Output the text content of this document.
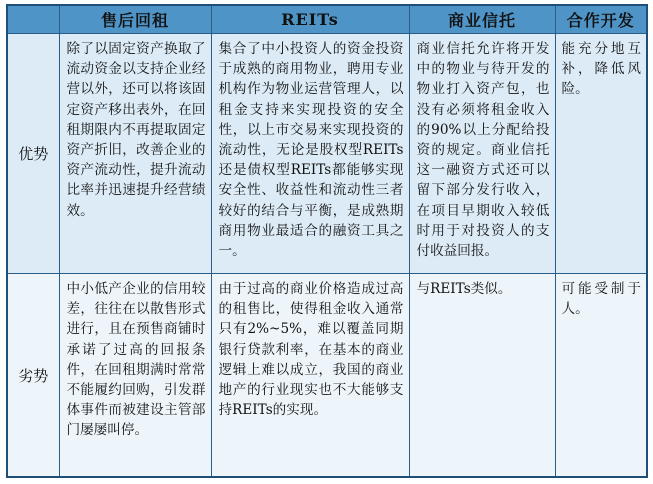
	售后回租	REITs	商业信托	合作开发
优势	除了以固定资产换取了流动资金以支持企业经营以外，还可以将该固定资产移出表外，在回租期限内不再提取固定资产折旧，改善企业的资产流动性，提升流动比率并迅速提升经营绩效。	集合了中小投资人的资金投资于成熟的商用物业，聘用专业机构作为物业运营管理人，以租金支持来实现投资的安全性，以上市交易来实现投资的流动性，无论是股权型REITs还是债权型REITs都能够实现安全性、收益性和流动性三者较好的结合与平衡，是成熟期商用物业最适合的融资工具之一。	商业信托允许将开发中的物业与待开发的物业打入资产包，也没有必须将租金收入的90%以上分配给投资的规定。商业信托这一融资方式还可以留下部分发行收入，在项目早期收入较低时用于对投资人的支付收益回报。	能充分地互补，降低风险。

劣势	中小低产企业的信用较差，往往在以散售形式进行，且在预售商铺时承诺了过高的回报条件，在回租期满时常常不能履约回购，引发群体事件而被建设主管部门屡屡叫停。	由于过高的商业价格造成过高的租售比，使得租金收入通常只有2%~5%，难以覆盖同期银行贷款利率，在基本的商业逻辑上难以成立，我国的商业地产的行业现实也不大能够支持REITs的实现。	与REITs类似。	可能受制于人。
